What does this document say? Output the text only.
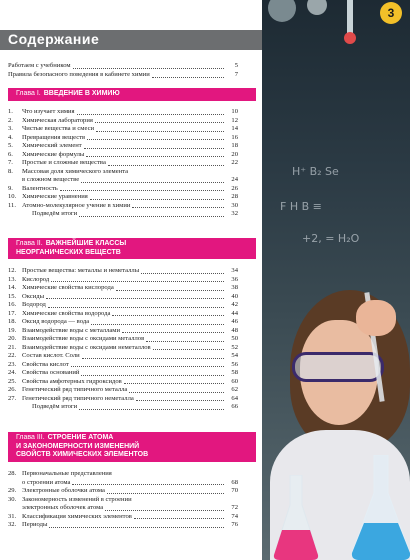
H⁺ B₂ Se
F H B ≡
+2, = H₂O
3
Содержание
Работаем с учебником	5
Правила безопасного поведения в кабинете химии	7
Глава I. ВВЕДЕНИЕ В ХИМИЮ
1.	Что изучает химия	10
2.	Химическая лаборатория	12
3.	Чистые вещества и смеси	14
4.	Превращения веществ	16
5.	Химический элемент	18
6.	Химические формулы	20
7.	Простые и сложные вещества	22
8.	Массовая доля химического элемента
в сложном веществе	24
9.	Валентность	26
10. Химические уравнения	28
11. Атомно-молекулярное учение в химии	30
Подведём итоги	32
Глава II. ВАЖНЕЙШИЕ КЛАССЫ
НЕОРГАНИЧЕСКИХ ВЕЩЕСТВ
12. Простые вещества: металлы и неметаллы	34
13. Кислород	36
14. Химические свойства кислорода	38
15. Оксиды	40
16. Водород	42
17. Химические свойства водорода	44
18. Оксид водорода — вода	46
19. Взаимодействие воды с металлами	48
20. Взаимодействие воды с оксидами металлов	50
21. Взаимодействие воды с оксидами неметаллов	52
22. Состав кислот. Соли	54
23. Свойства кислот	56
24. Свойства оснований	58
25. Свойства амфотерных гидроксидов	60
26. Генетический ряд типичного металла	62
27. Генетический ряд типичного неметалла	64
Подведём итоги	66
Глава III. СТРОЕНИЕ АТОМА
И ЗАКОНОМЕРНОСТИ ИЗМЕНЕНИЙ
СВОЙСТВ ХИМИЧЕСКИХ ЭЛЕМЕНТОВ
28. Первоначальные представления
о строении атома	68
29. Электронные оболочки атома	70
30. Закономерность изменений в строении
электронных оболочек атома	72
31. Классификация химических элементов	74
32. Периоды	76
